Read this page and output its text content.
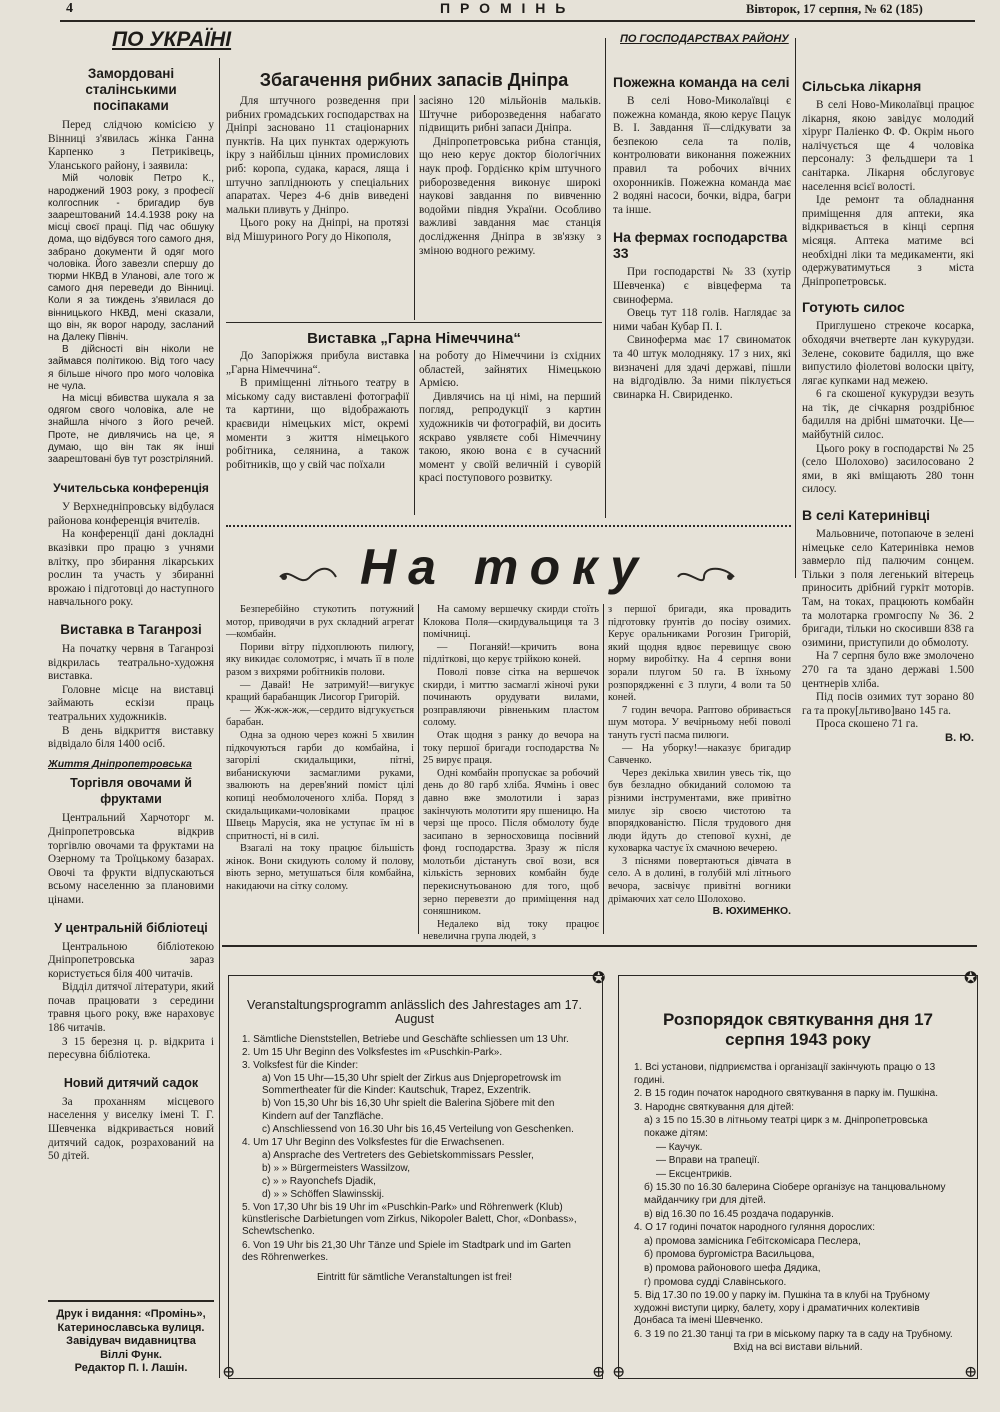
4	П Р О М І Н Ь	Вівторок, 17 серпня, № 62 (185)
ПО УКРАЇНІ	ПО ГОСПОДАРСТВАХ РАЙОНУ
Замордовані сталінськими посіпаками

Перед слідчою комісією у Вінниці з'явилась жінка Ганна Карпенко з Петриківець, Уланського району, і заявила:

Мій чоловік Петро К., народжений 1903 року, з професії колгоспник - бригадир був заарештований 14.4.1938 року на місці своєї праці. Під час обшуку дома, що відбувся того самого дня, забрано документи й одяг мого чоловіка. Його завезли спершу до тюрми НКВД в Уланові, але того ж самого дня переведи до Вінниці. Коли я за тиждень з'явилася до вінницького НКВД, мені сказали, що він, як ворог народу, засланий на Далеку Північ.

В дійсності він ніколи не займався політикою. Від того часу я більше нічого про мого чоловіка не чула.

На місці вбивства шукала я за одягом свого чоловіка, але не знайшла нічого з його речей. Проте, не дивлячись на це, я думаю, що він так як інші заарештовані був тут розстріляний.

Учительська конференція

У Верхнедніпровську відбулася районова конференція вчителів.

На конференції дані докладні вказівки про працю з учнями влітку, про збирання лікарських рослин та участь у збиранні врожаю і підготовці до наступного навчального року.

Виставка в Таганрозі

На початку червня в Таганрозі відкрилась театрально-художня виставка.

Головне місце на виставці займають ескізи праць театральних художників.

В день відкриття виставку відвідало біля 1400 осіб.

Життя Дніпропетровська
Торгівля овочами й фруктами

Центральний Харчоторг м. Дніпропетровська відкрив торгівлю овочами та фруктами на Озерному та Троїцькому базарах. Овочі та фрукти відпускаються всьому населенню за плановими цінами.

У центральній бібліотеці

Центральною бібліотекою Дніпропетровська зараз користується біля 400 читачів.

Відділ дитячої літератури, який почав працювати з середини травня цього року, вже нараховує 186 читачів.

З 15 березня ц. р. відкрита і пересувна бібліотека.

Новий дитячий садок

За проханням місцевого населення у виселку імені Т. Г. Шевченка відкривається новий дитячий садок, розрахований на 50 дітей.

Друк і видання: «Промінь»,
Катеринославська вулиця.
Завідувач видавництва
Віллі Функ.
Редактор П. І. Лашін.
Збагачення рибних запасів Дніпра

Для штучного розведення при рибних громадських господарствах на Дніпрі засновано 11 стаціонарних пунктів. На цих пунктах одержують ікру з найбільш цінних промислових риб: коропа, судака, карася, ляща і штучно запліднюють у спеціальних апаратах. Через 4-6 днів виведені мальки пливуть у Дніпро.

Цього року на Дніпрі, на протязі від Мішуриного Рогу до Нікополя,

засіяно 120 мільйонів мальків. Штучне риборозведення набагато підвищить рибні запаси Дніпра.

Дніпропетровська рибна станція, що нею керує доктор біологічних наук проф. Гордієнко крім штучного риборозведення виконує широкі наукові завдання по вивченню водойми півдня України. Особливо важливі завдання має станція дослідження Дніпра в зв'язку з зміною водного режиму.

Виставка „Гарна Німеччина“

До Запоріжжя прибула виставка „Гарна Німеччина“.

В приміщенні літнього театру в міському саду виставлені фотографії та картини, що відображають краєвиди німецьких міст, окремі моменти з життя німецького робітника, селянина, а також робітників, що у свій час поїхали

на роботу до Німеччини із східних областей, зайнятих Німецькою Армією.

Дивлячись на ці німі, на перший погляд, репродукції з картин художників чи фотографій, ви досить яскраво уявляєте собі Німеччину такою, якою вона є в сучасний момент у своїй величній і суворій красі поступового розвитку.

Пожежна команда на селі

В селі Ново-Миколаївці є пожежна команда, якою керує Пацук В. І. Завдання її—слідкувати за безпекою села та полів, контролювати виконання пожежних правил та робочих вічних охоронників. Пожежна команда має 2 водяні насоси, бочки, відра, багри та інше.

На фермах господарства 33

При господарстві № 33 (хутір Шевченка) є вівцеферма та свиноферма.

Овець тут 118 голів. Наглядає за ними чабан Кубар П. І.

Свиноферма має 17 свиноматок та 40 штук молодняку. 17 з них, які визначені для здачі державі, пішли на відгодівлю. За ними піклується свинарка Н. Свириденко.

Сільська лікарня

В селі Ново-Миколаївці працює лікарня, якою завідує молодий хірург Паліенко Ф. Ф. Окрім нього налічується ще 4 чоловіка персоналу: 3 фельдшери та 1 санітарка. Лікарня обслуговує населення всієї волості.

Іде ремонт та обладнання приміщення для аптеки, яка відкривається в кінці серпня місяця. Аптека матиме всі необхідні ліки та медикаменти, які одержуватимуться з міста Дніпропетровськ.

Готують силос

Приглушено стрекоче косарка, обходячи вчетверте лан кукурудзи. Зелене, соковите бадилля, що вже випустило фіолетові волоски цвіту, лягає купками над межею.

6 га скошеної кукурудзи везуть на тік, де січкарня роздрібнює бадилля на дрібні шматочки. Це—майбутній силос.

Цього року в господарстві № 25 (село Шолохово) засилосовано 2 ями, в які вміщають 280 тонн силосу.

В селі Катеринівці

Мальовниче, потопаюче в зелені німецьке село Катеринівка немов завмерло під палючим сонцем. Тільки з поля легенький вітерець приносить дрібний гуркіт моторів. Там, на токах, працюють комбайн та молотарка громгоспу № 36. 2 бригади, тільки но скосивши 838 га озимини, приступили до обмолоту.

На 7 серпня було вже змолочено 270 га та здано державі 1.500 центнерів хліба.

Під посів озимих тут зорано 80 га та проку[льтиво]вано 145 га.

Проса скошено 71 га.

В. Ю.
На току

Безперебійно стукотить потужний мотор, приводячи в рух складний агрегат—комбайн.

Пориви вітру підхоплюють пилюгу, яку викидає соломотряс, і мчать її в поле разом з вихрями робітників полови.

— Давай! Не затримуй!—вигукує кращий барабанщик Лисогор Григорій.

— Жж-жж-жж,—сердито відгукується барабан.

Одна за одною через кожні 5 хвилин підкочуються гарби до комбайна, і загорілі скидальщики, пітні, вибанискуючи засмаглими руками, звалюють на дерев'яний поміст цілі копиці необмолоченого хліба. Поряд з скидальщиками-чоловіками працює Швець Марусія, яка не уступає їм ні в спритності, ні в силі.

Взагалі на току працює більшість жінок. Вони скидують солому й полову, віють зерно, метушаться біля комбайна, накидаючи на сітку солому.

На самому вершечку скирди стоїть Клокова Поля—скирдувальщиця та 3 помічниці.

— Поганяй!—кричить вона підліткові, що керує трійкою коней.

Поволі повзе сітка на вершечок скирди, і миттю засмаглі жіночі руки починають орудувати вилами, розправляючи рівненьким пластом солому.

Отак щодня з ранку до вечора на току першої бригади господарства № 25 вирує праця.

Одні комбайн пропускає за робочий день до 80 гарб хліба. Ячмінь і овес давно вже змолотили і зараз закінчують молотити яру пшеницю. На черзі ще просо. Після обмолоту буде засипано в зерносховища посівний фонд господарства. Зразу ж після молотьби дістануть свої вози, вся кількість зернових комбайн буде перекиснутьованою для того, щоб зерно перевезти до приміщення над соняшником.

Недалеко від току працює невелична група людей, з

з першої бригади, яка провадить підготовку ґрунтів до посіву озимих. Керує оральниками Рогозин Григорій, який щодня вдвоє перевищує свою норму виробітку. На 4 серпня вони зорали плугом 50 га. В їхньому розпорядженні є 3 плуги, 4 воли та 50 коней.

7 годин вечора. Раптово обривається шум мотора. У вечірньому небі поволі тануть густі пасма пилюги.

— На уборку!—наказує бригадир Савченко.

Через декілька хвилин увесь тік, що був безладно обкиданий соломою та різними інструментами, вже привітно милує зір своєю чистотою та впорядкованістю. Після трудового дня люди йдуть до степової кухні, де куховарка частує їх смачною вечерею.

З піснями повертаються дівчата в село. А в долині, в голубій млі літнього вечора, засвічує привітні вогники дрімаючих хат село Шолохово.

В. ЮХИМЕНКО.
✪
⊕
⊕
Veranstaltungsprogramm anlässlich des Jahrestages am 17. August
1. Sämtliche Dienststellen, Betriebe und Geschäfte schliessen um 13 Uhr.
2. Um 15 Uhr Beginn des Volksfestes im «Puschkin-Park».
3. Volksfest für die Kinder:
a) Von 15 Uhr—15,30 Uhr spielt der Zirkus aus Dnjepropetrowsk im Sommertheater für die Kinder: Kautschuk, Trapez, Exzentrik.
b) Von 15,30 Uhr bis 16,30 Uhr spielt die Balerina Sjöbere mit den Kindern auf der Tanzfläche.
c) Anschliessend von 16.30 Uhr bis 16,45 Verteilung von Geschenken.
4. Um 17 Uhr Beginn des Volksfestes für die Erwachsenen.
a) Ansprache des Vertreters des Gebietskommissars Pessler,
b) » » Bürgermeisters Wassilzow,
c) » » Rayonchefs Djadik,
d) » » Schöffen Slawinsskij.
5. Von 17,30 Uhr bis 19 Uhr im «Puschkin-Park» und Röhrenwerk (Klub) künstlerische Darbietungen vom Zirkus, Nikopoler Balett, Chor, «Donbass», Schewtschenko.
6. Von 19 Uhr bis 21,30 Uhr Tänze und Spiele im Stadtpark und im Garten des Röhrenwerkes.
Eintritt für sämtliche Veranstaltungen ist frei!
✪
⊕	⊕
Розпорядок святкування дня 17 серпня 1943 року
1. Всі установи, підприємства і організації закінчують працю о 13 годині.
2. В 15 годин початок народного святкування в парку ім. Пушкіна.
3. Народнє святкування для дітей:
а) з 15 по 15.30 в літньому театрі цирк з м. Дніпропетровська покаже дітям:
— Каучук.
— Вправи на трапеції.
— Ексцентриків.
б) 15.30 по 16.30 балерина Сіобере організує на танцювальному майданчику гри для дітей.
в) від 16.30 по 16.45 роздача подарунків.
4. О 17 годині початок народного гуляння дорослих:
а) промова замісника Гебітскомісара Песлера,
б) промова бургомістра Васильцова,
в) промова районового шефа Дядика,
г) промова судді Славінського.
5. Від 17.30 по 19.00 у парку ім. Пушкіна та в клубі на Трубному художні виступи цирку, балету, хору і драматичних колективів Донбаса та імені Шевченко.
6. З 19 по 21.30 танці та гри в міському парку та в саду на Трубному.
Вхід на всі вистави вільний.
